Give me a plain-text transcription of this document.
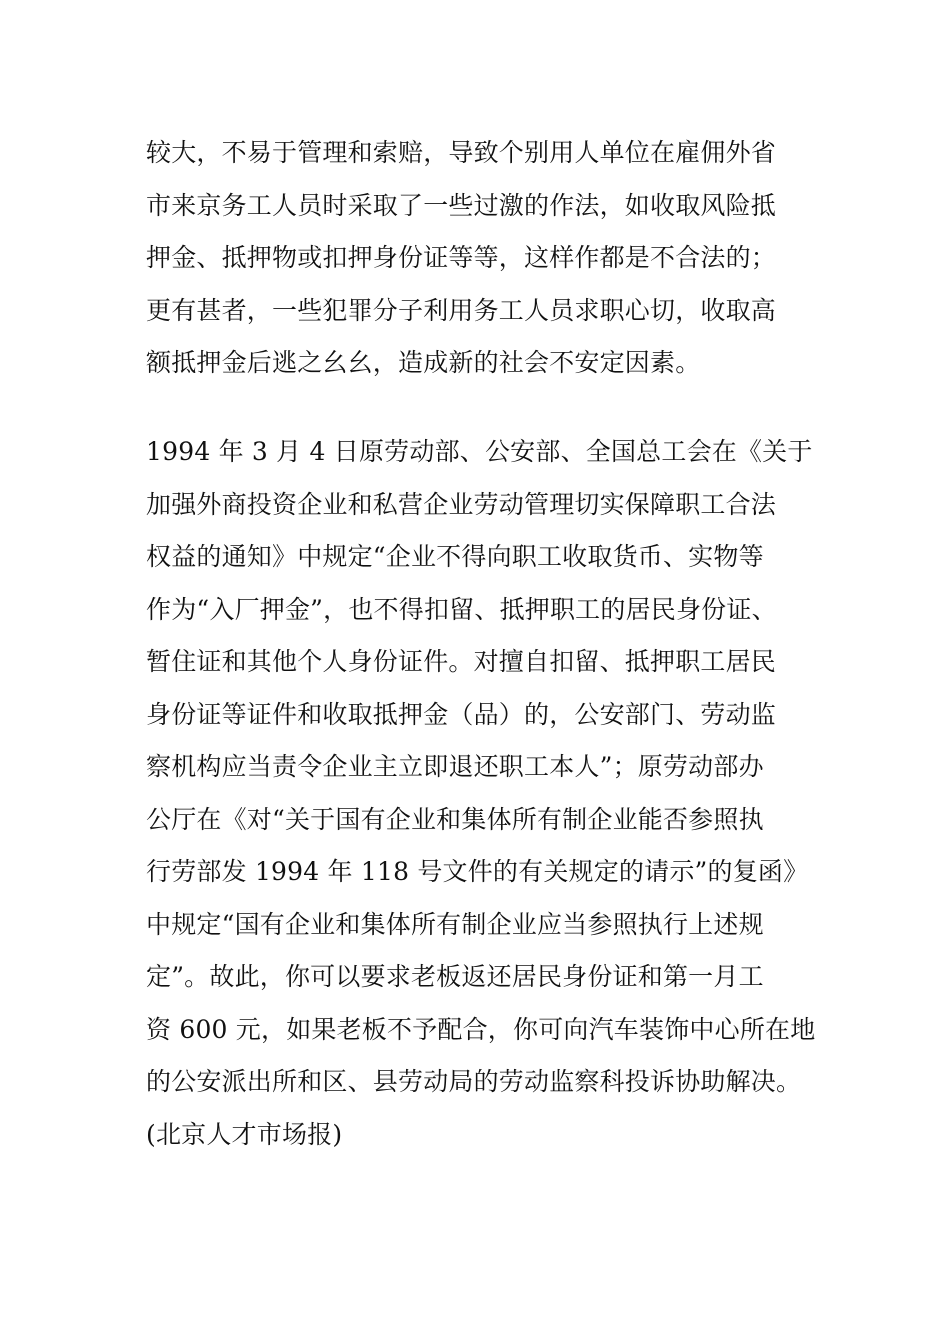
较大，不易于管理和索赔，导致个别用人单位在雇佣外省
市来京务工人员时采取了一些过激的作法，如收取风险抵
押金、抵押物或扣押身份证等等，这样作都是不合法的；
更有甚者，一些犯罪分子利用务工人员求职心切，收取高
额抵押金后逃之幺幺，造成新的社会不安定因素。
1994 年 3 月 4 日原劳动部、公安部、全国总工会在《关于
加强外商投资企业和私营企业劳动管理切实保障职工合法
权益的通知》中规定“企业不得向职工收取货币、实物等
作为“入厂押金”，也不得扣留、抵押职工的居民身份证、
暂住证和其他个人身份证件。对擅自扣留、抵押职工居民
身份证等证件和收取抵押金（品）的，公安部门、劳动监
察机构应当责令企业主立即退还职工本人”；原劳动部办
公厅在《对“关于国有企业和集体所有制企业能否参照执
行劳部发 1994 年 118 号文件的有关规定的请示”的复函》
中规定“国有企业和集体所有制企业应当参照执行上述规
定”。故此，你可以要求老板返还居民身份证和第一月工
资 600 元，如果老板不予配合，你可向汽车装饰中心所在地
的公安派出所和区、县劳动局的劳动监察科投诉协助解决。
(北京人才市场报)
